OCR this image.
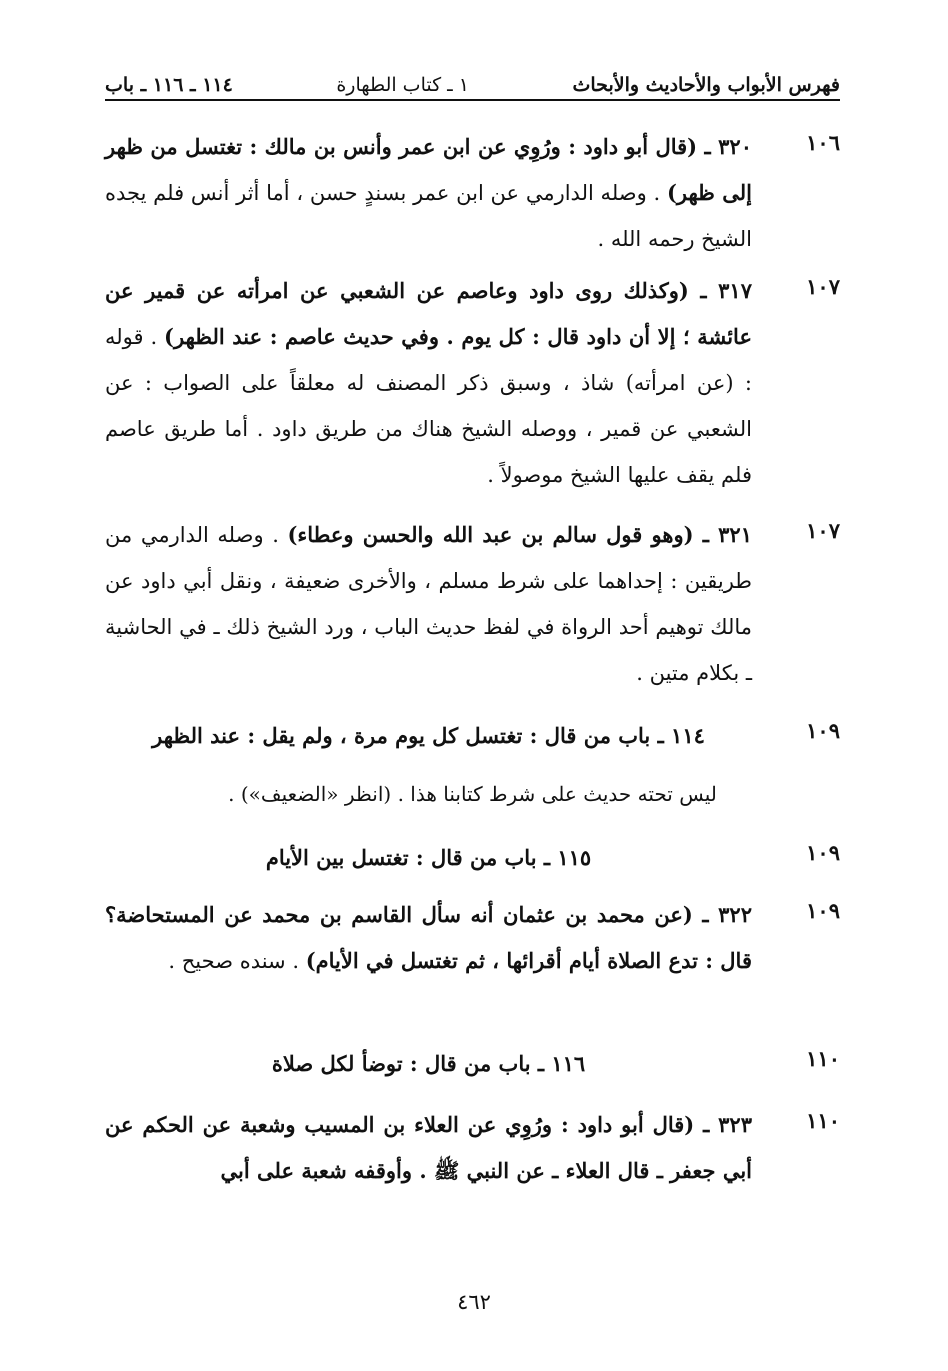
فهرس الأبواب والأحاديث والأبحاث
١ ـ كتاب الطهارة
١١٤ ـ ١١٦ ـ باب
١٠٦
٣٢٠ ـ (قال أبو داود : ورُوِي عن ابن عمر وأنس بن مالك : تغتسل من ظهر إلى ظهر) . وصله الدارمي عن ابن عمر بسندٍ حسن ، أما أثر أنس فلم يجده الشيخ رحمه الله .
١٠٧
٣١٧ ـ (وكذلك روى داود وعاصم عن الشعبي عن امرأته عن قمير عن عائشة ؛ إلا أن داود قال : كل يوم . وفي حديث عاصم : عند الظهر) . قوله : (عن امرأته) شاذ ، وسبق ذكر المصنف له معلقاً على الصواب : عن الشعبي عن قمير ، ووصله الشيخ هناك من طريق داود . أما طريق عاصم فلم يقف عليها الشيخ موصولاً .
١٠٧
٣٢١ ـ (وهو قول سالم بن عبد الله والحسن وعطاء) . وصله الدارمي من طريقين : إحداهما على شرط مسلم ، والأخرى ضعيفة ، ونقل أبي داود عن مالك توهيم أحد الرواة في لفظ حديث الباب ، ورد الشيخ ذلك ـ في الحاشية ـ بكلام متين .
١٠٩
١١٤ ـ باب من قال : تغتسل كل يوم مرة ، ولم يقل : عند الظهر
ليس تحته حديث على شرط كتابنا هذا . (انظر «الضعيف») .
١٠٩
١١٥ ـ باب من قال : تغتسل بين الأيام
١٠٩
٣٢٢ ـ (عن محمد بن عثمان أنه سأل القاسم بن محمد عن المستحاضة؟ قال : تدع الصلاة أيام أقرائها ، ثم تغتسل في الأيام) . سنده صحيح .
١١٠
١١٦ ـ باب من قال : توضأ لكل صلاة
١١٠
٣٢٣ ـ (قال أبو داود : ورُوِي عن العلاء بن المسيب وشعبة عن الحكم عن أبي جعفر ـ قال العلاء ـ عن النبي ﷺ . وأوقفه شعبة على أبي
٤٦٢
